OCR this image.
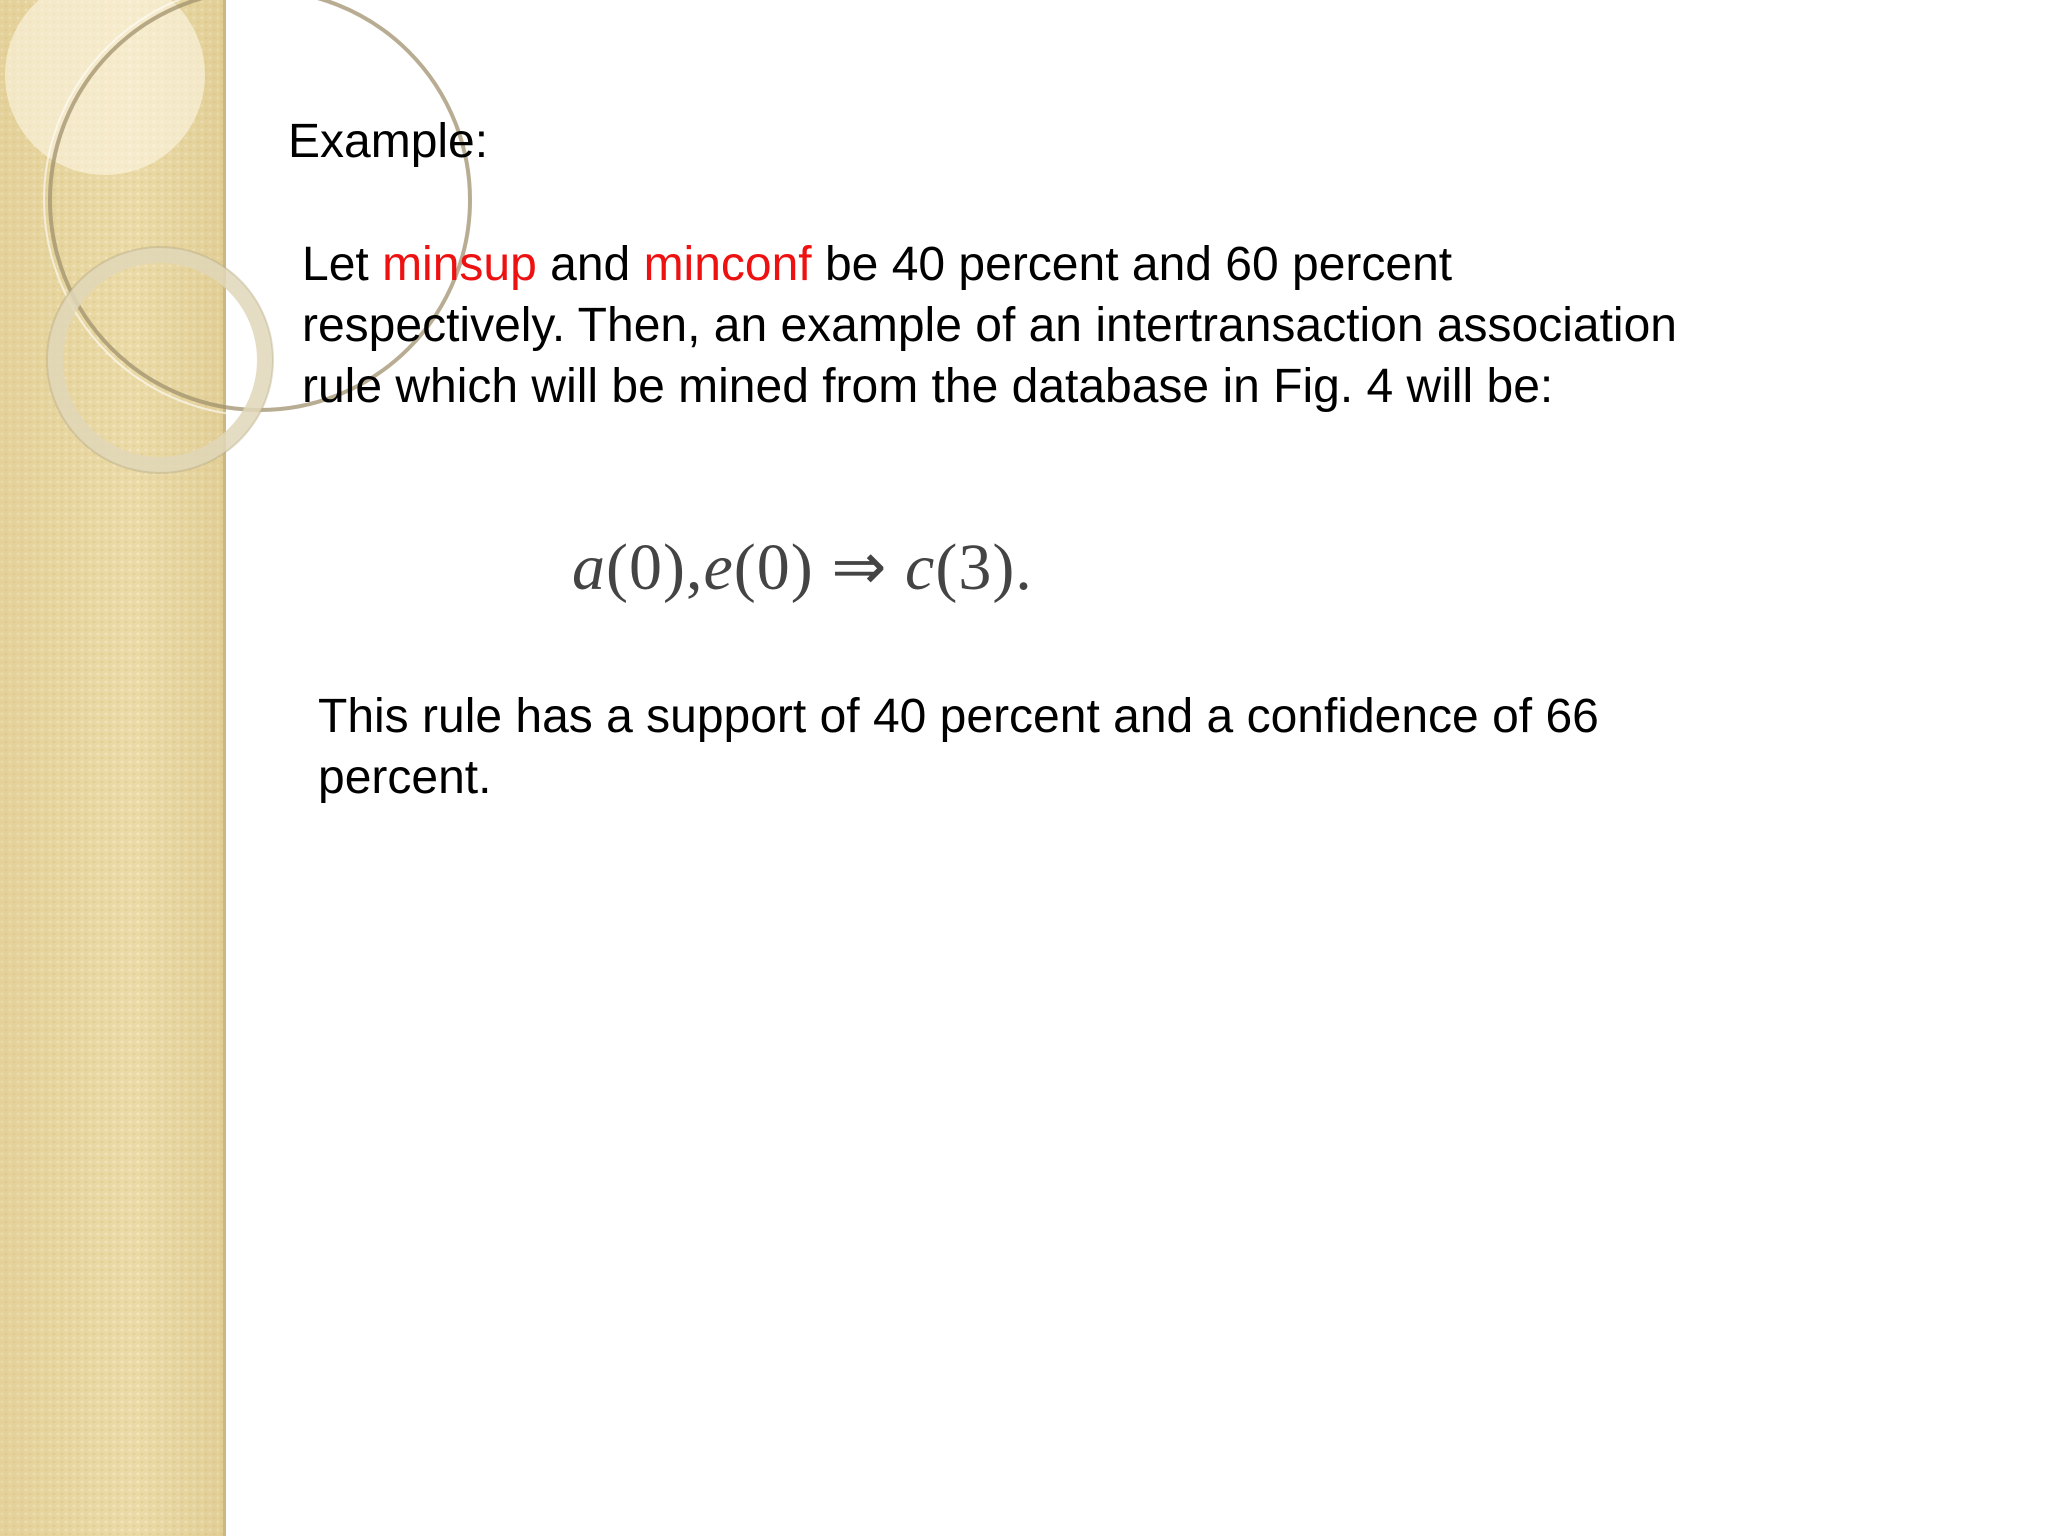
Example:

Let minsup and minconf be 40 percent and 60 percent respectively. Then, an example of an intertransaction association rule which will be mined from the database in Fig. 4 will be:

a(0),e(0) ⇒ c(3).

This rule has a support of 40 percent and a confidence of 66 percent.
